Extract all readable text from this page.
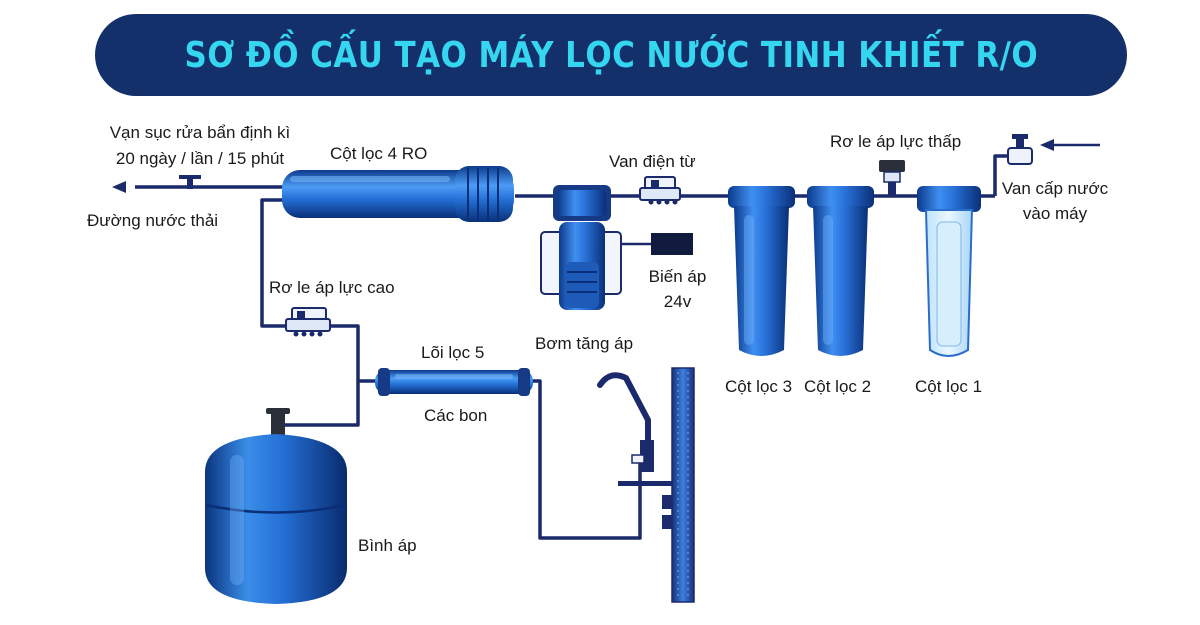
SƠ ĐỒ CẤU TẠO MÁY LỌC NƯỚC TINH KHIẾT R/O
Vạn sục rửa bẩn định kì
20 ngày / lần / 15 phút
Đường nước thải
Cột lọc 4 RO	Van điện từ
Rơ le áp lực thấp
Van cấp nước
vào máy
Rơ le áp lực cao
Biến áp
24v
Bơm tăng áp
Cột lọc 3 Cột lọc 2	Cột lọc 1
Lõi lọc 5
Các bon
Bình áp
